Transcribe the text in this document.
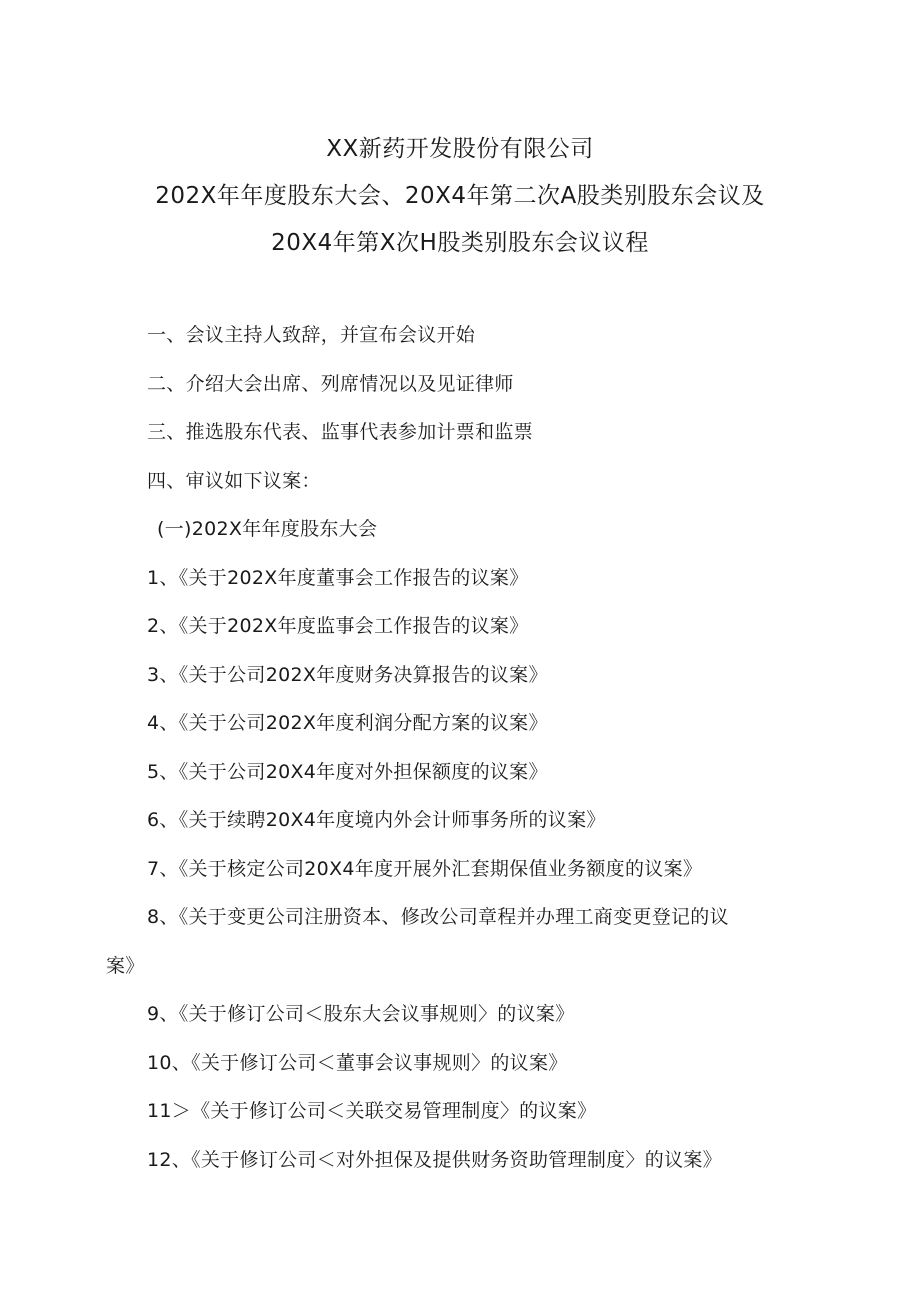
XX新药开发股份有限公司
202X年年度股东大会、20X4年第二次A股类别股东会议及
20X4年第X次H股类别股东会议议程
一、会议主持人致辞，并宣布会议开始
二、介绍大会出席、列席情况以及见证律师
三、推选股东代表、监事代表参加计票和监票
四、审议如下议案：
(一)202X年年度股东大会
1、《关于202X年度董事会工作报告的议案》
2、《关于202X年度监事会工作报告的议案》
3、《关于公司202X年度财务决算报告的议案》
4、《关于公司202X年度利润分配方案的议案》
5、《关于公司20X4年度对外担保额度的议案》
6、《关于续聘20X4年度境内外会计师事务所的议案》
7、《关于核定公司20X4年度开展外汇套期保值业务额度的议案》
8、《关于变更公司注册资本、修改公司章程并办理工商变更登记的议
案》
9、《关于修订公司＜股东大会议事规则〉的议案》
10、《关于修订公司＜董事会议事规则〉的议案》
11＞《关于修订公司＜关联交易管理制度〉的议案》
12、《关于修订公司＜对外担保及提供财务资助管理制度〉的议案》
